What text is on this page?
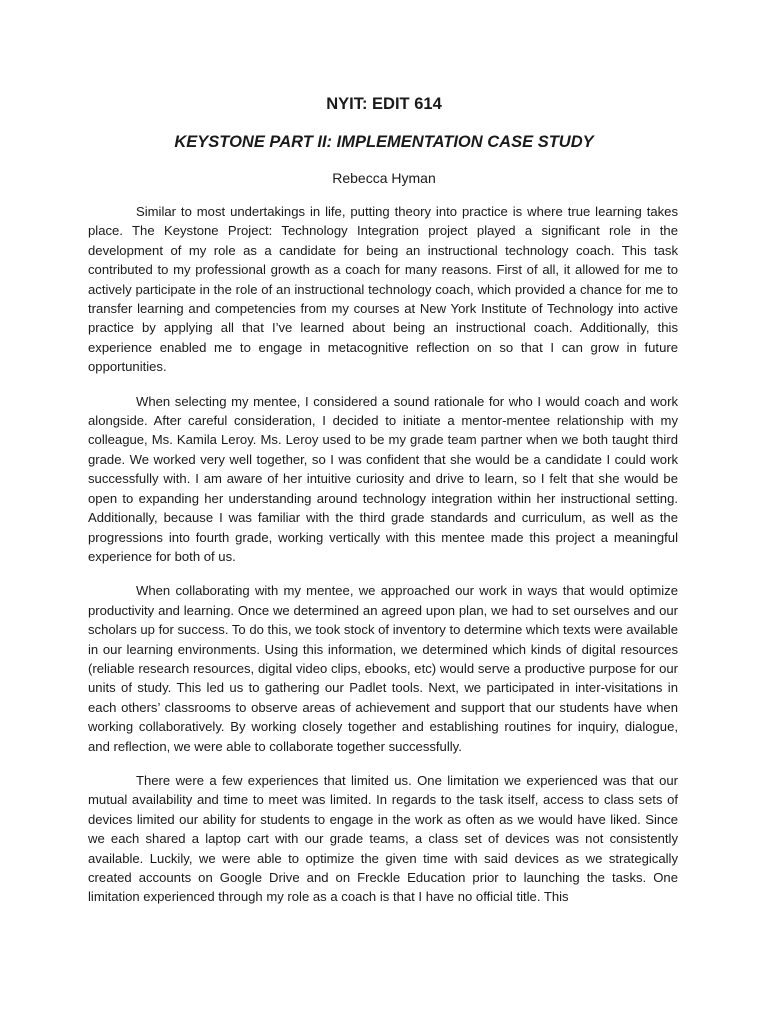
NYIT: EDIT 614
KEYSTONE PART II: IMPLEMENTATION CASE STUDY
Rebecca Hyman

Similar to most undertakings in life, putting theory into practice is where true learning takes place. The Keystone Project: Technology Integration project played a significant role in the development of my role as a candidate for being an instructional technology coach. This task contributed to my professional growth as a coach for many reasons. First of all, it allowed for me to actively participate in the role of an instructional technology coach, which provided a chance for me to transfer learning and competencies from my courses at New York Institute of Technology into active practice by applying all that I’ve learned about being an instructional coach. Additionally, this experience enabled me to engage in metacognitive reflection on so that I can grow in future opportunities.

When selecting my mentee, I considered a sound rationale for who I would coach and work alongside. After careful consideration, I decided to initiate a mentor-mentee relationship with my colleague, Ms. Kamila Leroy. Ms. Leroy used to be my grade team partner when we both taught third grade. We worked very well together, so I was confident that she would be a candidate I could work successfully with. I am aware of her intuitive curiosity and drive to learn, so I felt that she would be open to expanding her understanding around technology integration within her instructional setting. Additionally, because I was familiar with the third grade standards and curriculum, as well as the progressions into fourth grade, working vertically with this mentee made this project a meaningful experience for both of us.

When collaborating with my mentee, we approached our work in ways that would optimize productivity and learning. Once we determined an agreed upon plan, we had to set ourselves and our scholars up for success. To do this, we took stock of inventory to determine which texts were available in our learning environments. Using this information, we determined which kinds of digital resources (reliable research resources, digital video clips, ebooks, etc) would serve a productive purpose for our units of study. This led us to gathering our Padlet tools. Next, we participated in inter-visitations in each others’ classrooms to observe areas of achievement and support that our students have when working collaboratively. By working closely together and establishing routines for inquiry, dialogue, and reflection, we were able to collaborate together successfully.

There were a few experiences that limited us. One limitation we experienced was that our mutual availability and time to meet was limited. In regards to the task itself, access to class sets of devices limited our ability for students to engage in the work as often as we would have liked. Since we each shared a laptop cart with our grade teams, a class set of devices was not consistently available. Luckily, we were able to optimize the given time with said devices as we strategically created accounts on Google Drive and on Freckle Education prior to launching the tasks. One limitation experienced through my role as a coach is that I have no official title. This
